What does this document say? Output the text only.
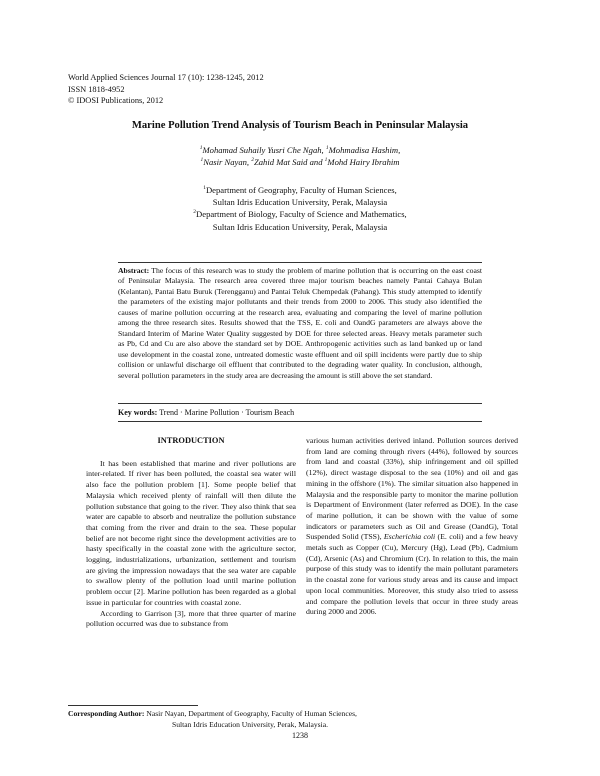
World Applied Sciences Journal 17 (10): 1238-1245, 2012
ISSN 1818-4952
© IDOSI Publications, 2012
Marine Pollution Trend Analysis of Tourism Beach in Peninsular Malaysia
$^1$Mohamad Suhaily Yusri Che Ngah, $^1$Mohmadisa Hashim,
$^1$Nasir Nayan, $^2$Zahid Mat Said and $^1$Mohd Hairy Ibrahim
$^1$Department of Geography, Faculty of Human Sciences,
Sultan Idris Education University, Perak, Malaysia
$^2$Department of Biology, Faculty of Science and Mathematics,
Sultan Idris Education University, Perak, Malaysia
Abstract: The focus of this research was to study the problem of marine pollution that is occurring on the east coast of Peninsular Malaysia. The research area covered three major tourism beaches namely Pantai Cahaya Bulan (Kelantan), Pantai Batu Buruk (Terengganu) and Pantai Teluk Chempedak (Pahang). This study attempted to identify the parameters of the existing major pollutants and their trends from 2000 to 2006. This study also identified the causes of marine pollution occurring at the research area, evaluating and comparing the level of marine pollution among the three research sites. Results showed that the TSS, E. coli and OandG parameters are always above the Standard Interim of Marine Water Quality suggested by DOE for three selected areas. Heavy metals parameter such as Pb, Cd and Cu are also above the standard set by DOE. Anthropogenic activities such as land banked up or land use development in the coastal zone, untreated domestic waste effluent and oil spill incidents were partly due to ship collision or unlawful discharge oil effluent that contributed to the degrading water quality. In conclusion, although, several pollution parameters in the study area are decreasing the amount is still above the set standard.
Key words: Trend · Marine Pollution · Tourism Beach

INTRODUCTION

It has been established that marine and river pollutions are inter-related. If river has been polluted, the coastal sea water will also face the pollution problem [1]. Some people belief that Malaysia which received plenty of rainfall will then dilute the pollution substance that going to the river. They also think that sea water are capable to absorb and neutralize the pollution substance that coming from the river and drain to the sea. These popular belief are not become right since the development activities are to hasty specifically in the coastal zone with the agriculture sector, logging, industrializations, urbanization, settlement and tourism are giving the impression nowadays that the sea water are capable to swallow plenty of the pollution load until marine pollution problem occur [2]. Marine pollution has been regarded as a global issue in particular for countries with coastal zone.

According to Garrison [3], more that three quarter of marine pollution occurred was due to substance from

various human activities derived inland. Pollution sources derived from land are coming through rivers (44%), followed by sources from land and coastal (33%), ship infringement and oil spilled (12%), direct wastage disposal to the sea (10%) and oil and gas mining in the offshore (1%). The similar situation also happened in Malaysia and the responsible party to monitor the marine pollution is Department of Environment (later referred as DOE). In the case of marine pollution, it can be shown with the value of some indicators or parameters such as Oil and Grease (OandG), Total Suspended Solid (TSS), Escherichia coli (E. coli) and a few heavy metals such as Copper (Cu), Mercury (Hg), Lead (Pb), Cadmium (Cd), Arsenic (As) and Chromium (Cr). In relation to this, the main purpose of this study was to identify the main pollutant parameters in the coastal zone for various study areas and its cause and impact upon local communities. Moreover, this study also tried to assess and compare the pollution levels that occur in three study areas during 2000 and 2006.

Corresponding Author: Nasir Nayan, Department of Geography, Faculty of Human Sciences,
Sultan Idris Education University, Perak, Malaysia.
1238
